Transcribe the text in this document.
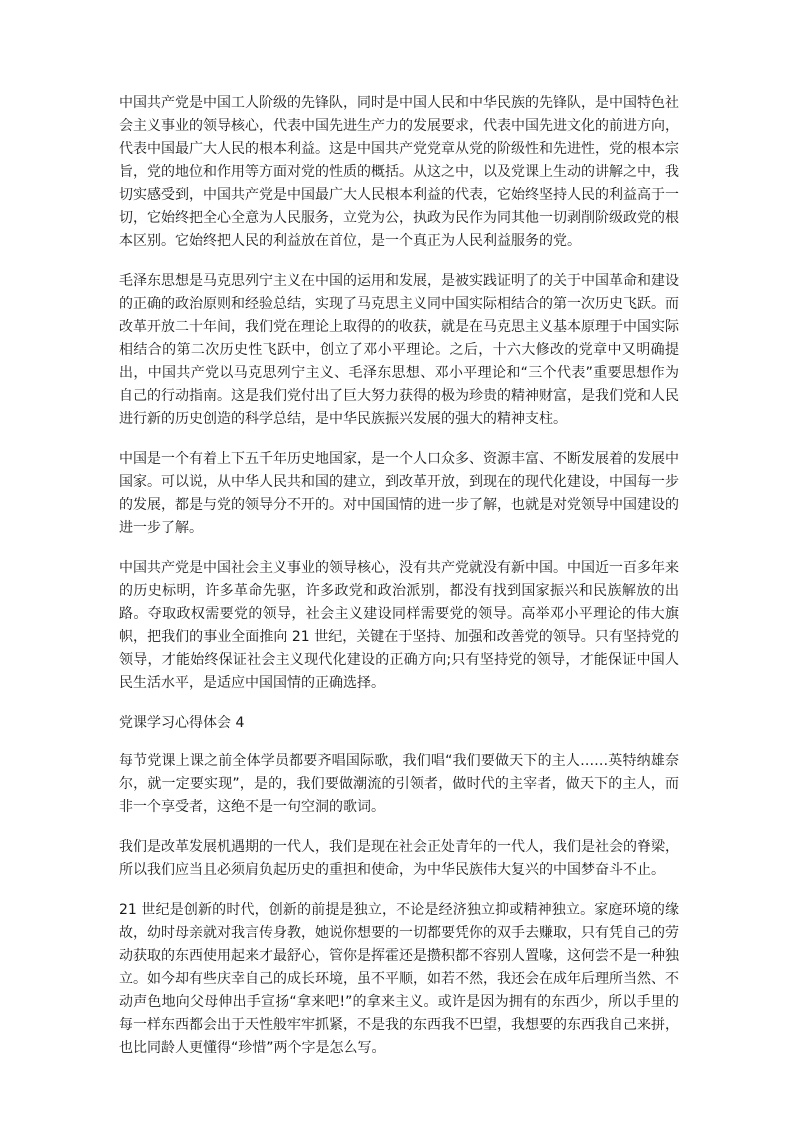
中国共产党是中国工人阶级的先锋队，同时是中国人民和中华民族的先锋队，是中国特色社会主义事业的领导核心，代表中国先进生产力的发展要求，代表中国先进文化的前进方向，代表中国最广大人民的根本利益。这是中国共产党党章从党的阶级性和先进性，党的根本宗旨，党的地位和作用等方面对党的性质的概括。从这之中，以及党课上生动的讲解之中，我切实感受到，中国共产党是中国最广大人民根本利益的代表，它始终坚持人民的利益高于一切，它始终把全心全意为人民服务，立党为公，执政为民作为同其他一切剥削阶级政党的根本区别。它始终把人民的利益放在首位，是一个真正为人民利益服务的党。

毛泽东思想是马克思列宁主义在中国的运用和发展，是被实践证明了的关于中国革命和建设的正确的政治原则和经验总结，实现了马克思主义同中国实际相结合的第一次历史飞跃。而改革开放二十年间，我们党在理论上取得的的收获，就是在马克思主义基本原理于中国实际相结合的第二次历史性飞跃中，创立了邓小平理论。之后，十六大修改的党章中又明确提出，中国共产党以马克思列宁主义、毛泽东思想、邓小平理论和“三个代表”重要思想作为自己的行动指南。这是我们党付出了巨大努力获得的极为珍贵的精神财富，是我们党和人民进行新的历史创造的科学总结，是中华民族振兴发展的强大的精神支柱。

中国是一个有着上下五千年历史地国家，是一个人口众多、资源丰富、不断发展着的发展中国家。可以说，从中华人民共和国的建立，到改革开放，到现在的现代化建设，中国每一步的发展，都是与党的领导分不开的。对中国国情的进一步了解，也就是对党领导中国建设的进一步了解。

中国共产党是中国社会主义事业的领导核心，没有共产党就没有新中国。中国近一百多年来的历史标明，许多革命先驱，许多政党和政治派别，都没有找到国家振兴和民族解放的出路。夺取政权需要党的领导，社会主义建设同样需要党的领导。高举邓小平理论的伟大旗帜，把我们的事业全面推向 21 世纪，关键在于坚持、加强和改善党的领导。只有坚持党的领导，才能始终保证社会主义现代化建设的正确方向;只有坚持党的领导，才能保证中国人民生活水平，是适应中国国情的正确选择。

党课学习心得体会 4

每节党课上课之前全体学员都要齐唱国际歌，我们唱“我们要做天下的主人……英特纳雄奈尔，就一定要实现”，是的，我们要做潮流的引领者，做时代的主宰者，做天下的主人，而非一个享受者，这绝不是一句空洞的歌词。

我们是改革发展机遇期的一代人，我们是现在社会正处青年的一代人，我们是社会的脊梁，所以我们应当且必须肩负起历史的重担和使命，为中华民族伟大复兴的中国梦奋斗不止。

21 世纪是创新的时代，创新的前提是独立，不论是经济独立抑或精神独立。家庭环境的缘故，幼时母亲就对我言传身教，她说你想要的一切都要凭你的双手去赚取，只有凭自己的劳动获取的东西使用起来才最舒心，管你是挥霍还是攒积都不容别人置喙，这何尝不是一种独立。如今却有些庆幸自己的成长环境，虽不平顺，如若不然，我还会在成年后理所当然、不动声色地向父母伸出手宣扬“拿来吧!”的拿来主义。或许是因为拥有的东西少，所以手里的每一样东西都会出于天性般牢牢抓紧，不是我的东西我不巴望，我想要的东西我自己来拼，也比同龄人更懂得“珍惜”两个字是怎么写。
